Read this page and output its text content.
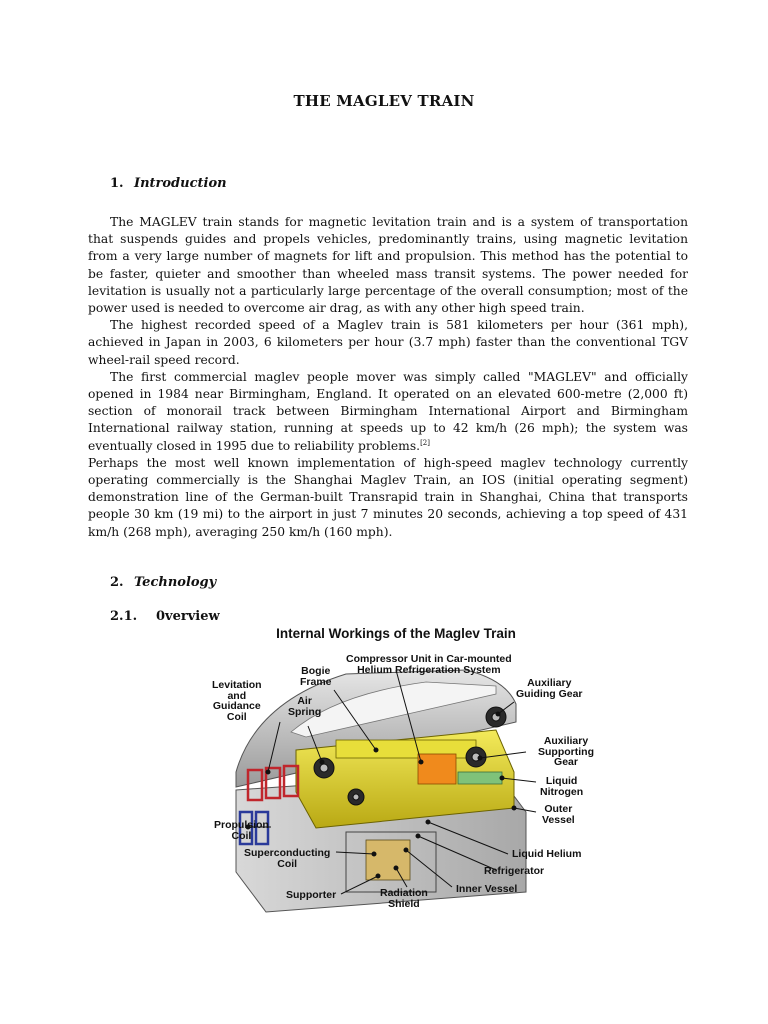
THE MAGLEV TRAIN
1. Introduction

The MAGLEV train stands for magnetic levitation train and is a system of transportation that suspends guides and propels vehicles, predominantly trains, using magnetic levitation from a very large number of magnets for lift and propulsion. This method has the potential to be faster, quieter and smoother than wheeled mass transit systems. The power needed for levitation is usually not a particularly large percentage of the overall consumption; most of the power used is needed to overcome air drag, as with any other high speed train.

The highest recorded speed of a Maglev train is 581 kilometers per hour (361 mph), achieved in Japan in 2003, 6 kilometers per hour (3.7 mph) faster than the conventional TGV wheel-rail speed record.

The first commercial maglev people mover was simply called "MAGLEV" and officially opened in 1984 near Birmingham, England. It operated on an elevated 600-metre (2,000 ft) section of monorail track between Birmingham International Airport and Birmingham International railway station, running at speeds up to 42 km/h (26 mph); the system was eventually closed in 1995 due to reliability problems.[2]

Perhaps the most well known implementation of high-speed maglev technology currently operating commercially is the Shanghai Maglev Train, an IOS (initial operating segment) demonstration line of the German-built Transrapid train in Shanghai, China that transports people 30 km (19 mi) to the airport in just 7 minutes 20 seconds, achieving a top speed of 431 km/h (268 mph), averaging 250 km/h (160 mph).

2. Technology
2.1. 0verview
Internal Workings of the Maglev Train
Compressor Unit in Car-mounted
Helium Refrigeration System
Bogie
Frame
Levitation
and
Guidance
Coil
Air
Spring
Auxiliary
Guiding Gear
Auxiliary
Supporting
Gear
Liquid
Nitrogen
Outer
Vessel
Propulsion
Coil
Superconducting
Coil
Liquid Helium
Refrigerator
Inner Vessel
Supporter	Radiation
Shield
